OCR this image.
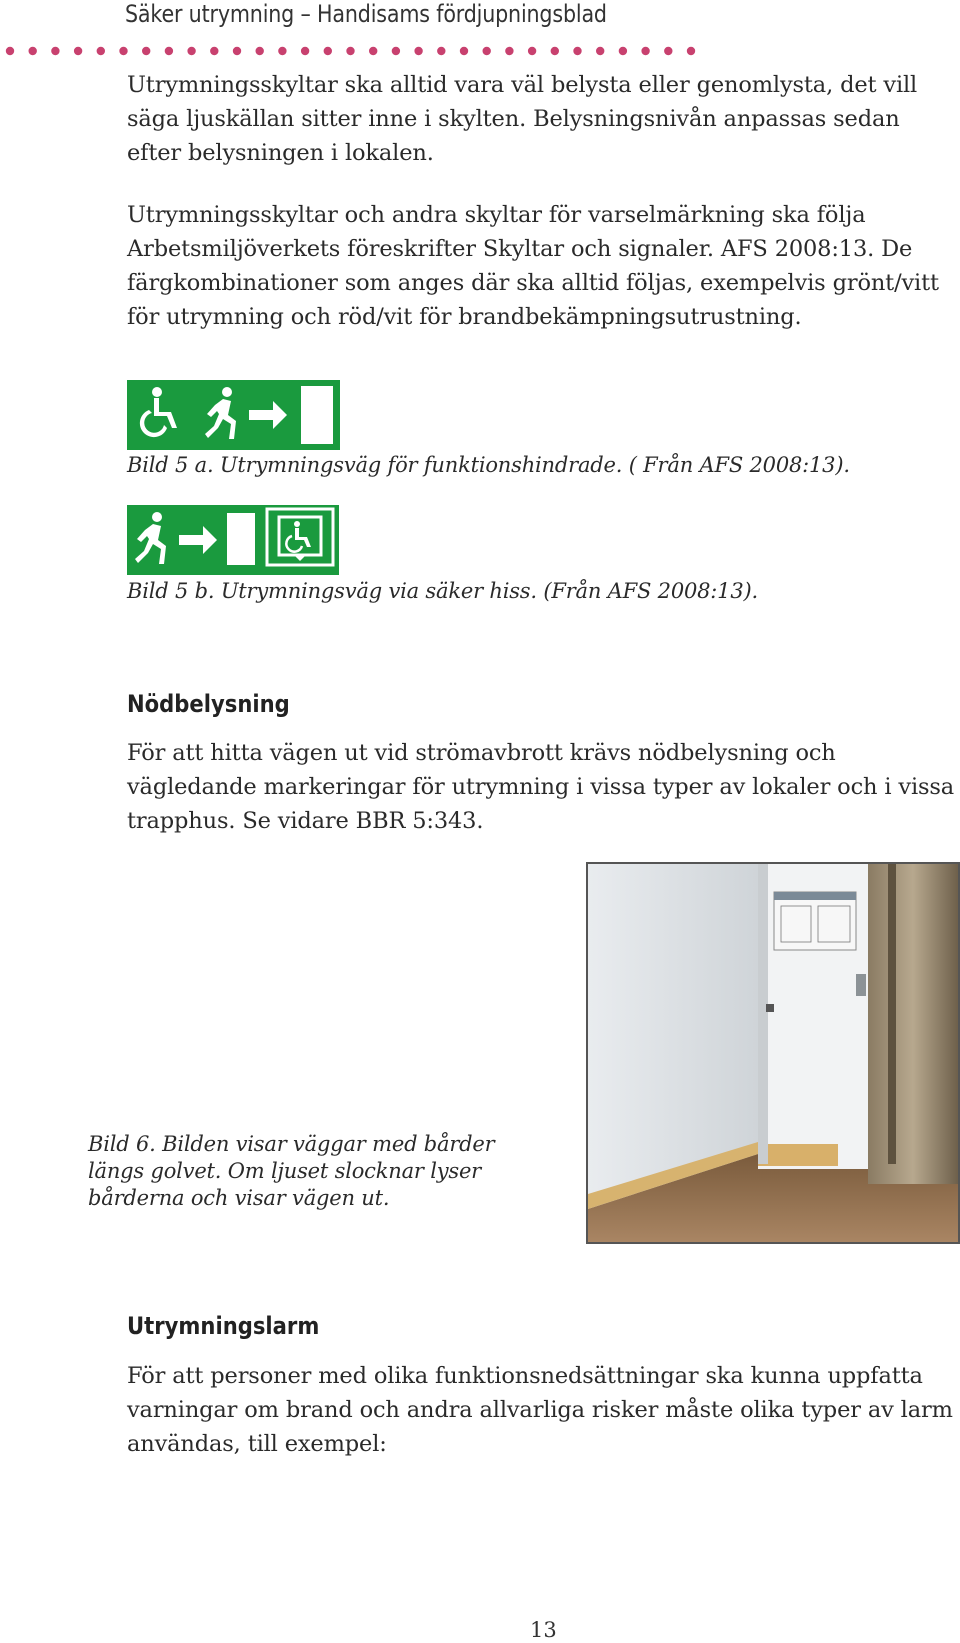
Säker utrymning – Handisams fördjupningsblad

Utrymningsskyltar ska alltid vara väl belysta eller genomlysta, det vill säga ljuskällan sitter inne i skylten. Belysningsnivån anpassas sedan efter belysningen i lokalen.

Utrymningsskyltar och andra skyltar för varselmärkning ska följa Arbetsmiljöverkets föreskrifter Skyltar och signaler. AFS 2008:13. De färgkombinationer som anges där ska alltid följas, exempelvis grönt/vitt för utrymning och röd/vit för brandbekämpningsutrustning.

Bild 5 a. Utrymningsväg för funktionshindrade. ( Från AFS 2008:13).

Bild 5 b. Utrymningsväg via säker hiss. (Från AFS 2008:13).

Nödbelysning

För att hitta vägen ut vid strömavbrott krävs nödbelysning och vägledande markeringar för utrymning i vissa typer av lokaler och i vissa trapphus. Se vidare BBR 5:343.

Bild 6. Bilden visar väggar med bårder längs golvet. Om ljuset slocknar lyser bårderna och visar vägen ut.

Utrymningslarm

För att personer med olika funktionsnedsättningar ska kunna uppfatta varningar om brand och andra allvarliga risker måste olika typer av larm användas, till exempel:

13
